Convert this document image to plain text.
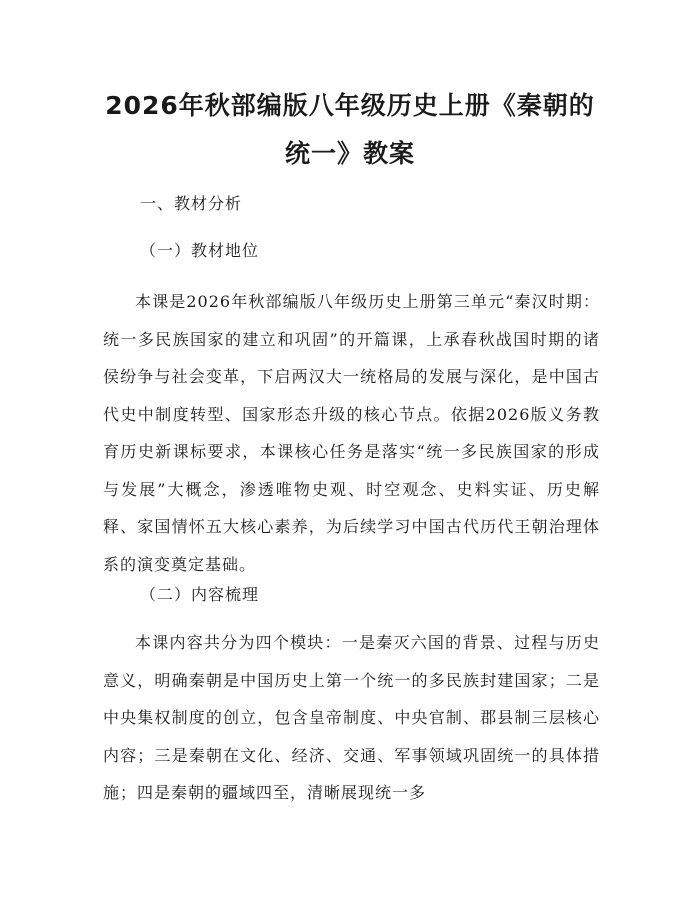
2026年秋部编版八年级历史上册《秦朝的统一》教案

一、教材分析

（一）教材地位

本课是2026年秋部编版八年级历史上册第三单元“秦汉时期：统一多民族国家的建立和巩固”的开篇课，上承春秋战国时期的诸侯纷争与社会变革，下启两汉大一统格局的发展与深化，是中国古代史中制度转型、国家形态升级的核心节点。依据2026版义务教育历史新课标要求，本课核心任务是落实“统一多民族国家的形成与发展”大概念，渗透唯物史观、时空观念、史料实证、历史解释、家国情怀五大核心素养，为后续学习中国古代历代王朝治理体系的演变奠定基础。

（二）内容梳理

本课内容共分为四个模块：一是秦灭六国的背景、过程与历史意义，明确秦朝是中国历史上第一个统一的多民族封建国家；二是中央集权制度的创立，包含皇帝制度、中央官制、郡县制三层核心内容；三是秦朝在文化、经济、交通、军事领域巩固统一的具体措施；四是秦朝的疆域四至，清晰展现统一多
